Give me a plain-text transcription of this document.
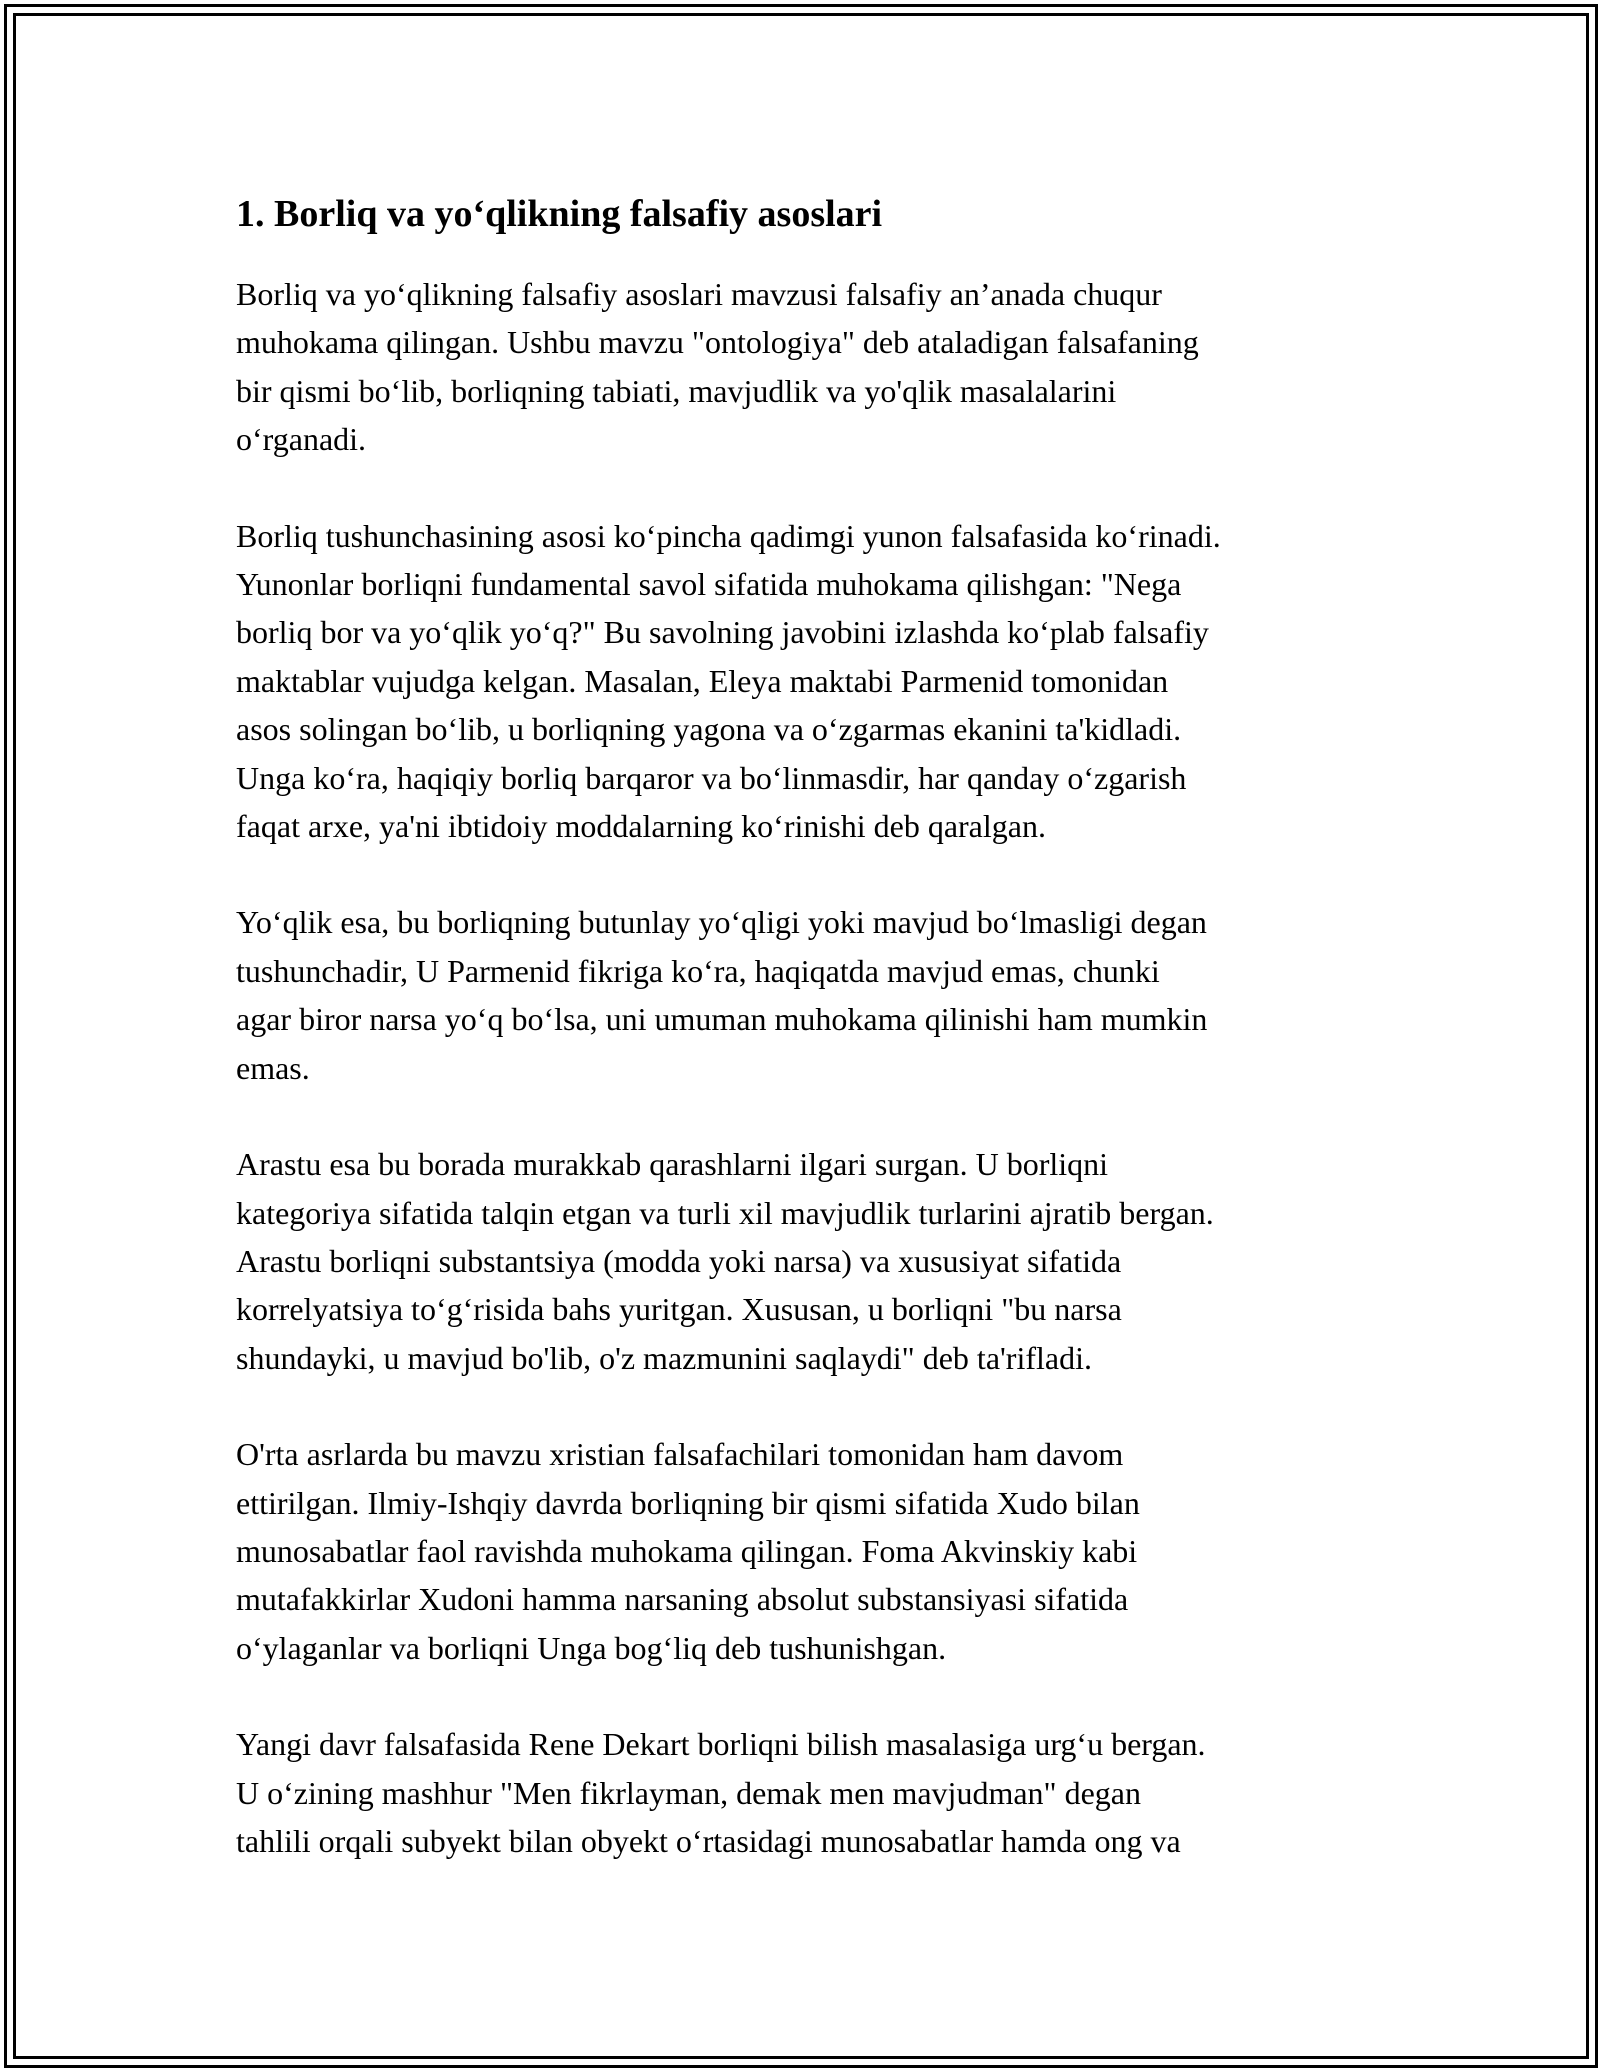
1. Borliq va yo‘qlikning falsafiy asoslari
Borliq va yo‘qlikning falsafiy asoslari mavzusi falsafiy an’anada chuqur
muhokama qilingan. Ushbu mavzu "ontologiya" deb ataladigan falsafaning
bir qismi bo‘lib, borliqning tabiati, mavjudlik va yo'qlik masalalarini
o‘rganadi.
Borliq tushunchasining asosi ko‘pincha qadimgi yunon falsafasida ko‘rinadi.
Yunonlar borliqni fundamental savol sifatida muhokama qilishgan: "Nega
borliq bor va yo‘qlik yo‘q?" Bu savolning javobini izlashda ko‘plab falsafiy
maktablar vujudga kelgan. Masalan, Eleya maktabi Parmenid tomonidan
asos solingan bo‘lib, u borliqning yagona va o‘zgarmas ekanini ta'kidladi.
Unga ko‘ra, haqiqiy borliq barqaror va bo‘linmasdir, har qanday o‘zgarish
faqat arxe, ya'ni ibtidoiy moddalarning ko‘rinishi deb qaralgan.
Yo‘qlik esa, bu borliqning butunlay yo‘qligi yoki mavjud bo‘lmasligi degan
tushunchadir, U Parmenid fikriga ko‘ra, haqiqatda mavjud emas, chunki
agar biror narsa yo‘q bo‘lsa, uni umuman muhokama qilinishi ham mumkin
emas.
Arastu esa bu borada murakkab qarashlarni ilgari surgan. U borliqni
kategoriya sifatida talqin etgan va turli xil mavjudlik turlarini ajratib bergan.
Arastu borliqni substantsiya (modda yoki narsa) va xususiyat sifatida
korrelyatsiya to‘g‘risida bahs yuritgan. Xususan, u borliqni "bu narsa
shundayki, u mavjud bo'lib, o'z mazmunini saqlaydi" deb ta'rifladi.
O'rta asrlarda bu mavzu xristian falsafachilari tomonidan ham davom
ettirilgan. Ilmiy-Ishqiy davrda borliqning bir qismi sifatida Xudo bilan
munosabatlar faol ravishda muhokama qilingan. Foma Akvinskiy kabi
mutafakkirlar Xudoni hamma narsaning absolut substansiyasi sifatida
o‘ylaganlar va borliqni Unga bog‘liq deb tushunishgan.
Yangi davr falsafasida Rene Dekart borliqni bilish masalasiga urg‘u bergan.
U o‘zining mashhur "Men fikrlayman, demak men mavjudman" degan
tahlili orqali subyekt bilan obyekt o‘rtasidagi munosabatlar hamda ong va
